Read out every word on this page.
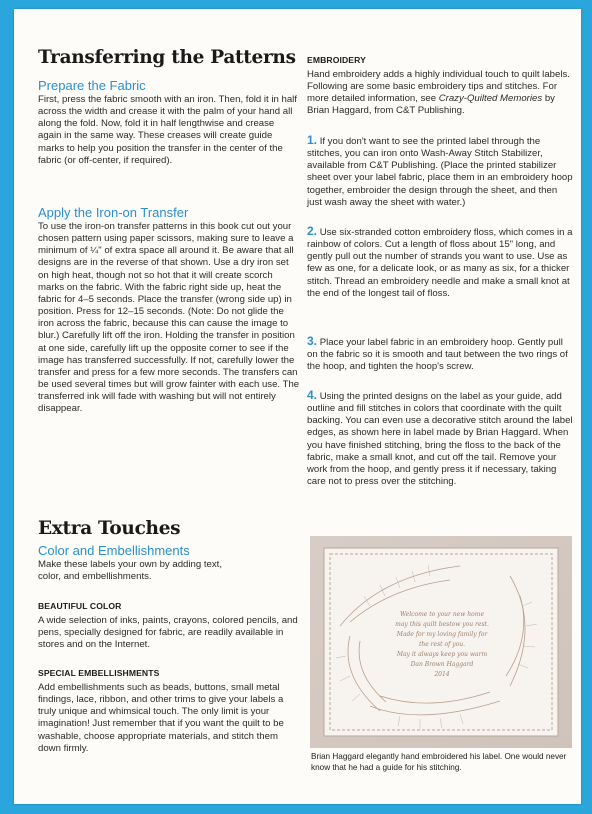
Transferring the Patterns
Prepare the Fabric

First, press the fabric smooth with an iron. Then, fold it in half across the width and crease it with the palm of your hand all along the fold. Now, fold it in half lengthwise and crease again in the same way. These creases will create guide marks to help you position the transfer in the center of the fabric (or off-center, if required).

Apply the Iron-on Transfer

To use the iron-on transfer patterns in this book cut out your chosen pattern using paper scissors, making sure to leave a minimum of ¼" of extra space all around it. Be aware that all designs are in the reverse of that shown. Use a dry iron set on high heat, though not so hot that it will create scorch marks on the fabric. With the fabric right side up, heat the fabric for 4–5 seconds. Place the transfer (wrong side up) in position. Press for 12–15 seconds. (Note: Do not glide the iron across the fabric, because this can cause the image to blur.) Carefully lift off the iron. Holding the transfer in position at one side, carefully lift up the opposite corner to see if the image has transferred successfully. If not, carefully lower the transfer and press for a few more seconds. The transfers can be used several times but will grow fainter with each use. The transferred ink will fade with washing but will not entirely disappear.

Extra Touches
Color and Embellishments

Make these labels your own by adding text, color, and embellishments.

BEAUTIFUL COLOR

A wide selection of inks, paints, crayons, colored pencils, and pens, specially designed for fabric, are readily available in stores and on the Internet.

SPECIAL EMBELLISHMENTS

Add embellishments such as beads, buttons, small metal findings, lace, ribbon, and other trims to give your labels a truly unique and whimsical touch. The only limit is your imagination! Just remember that if you want the quilt to be washable, choose appropriate materials, and stitch them down firmly.

EMBROIDERY

Hand embroidery adds a highly individual touch to quilt labels. Following are some basic embroidery tips and stitches. For more detailed information, see Crazy-Quilted Memories by Brian Haggard, from C&T Publishing.

1. If you don't want to see the printed label through the stitches, you can iron onto Wash-Away Stitch Stabilizer, available from C&T Publishing. (Place the printed stabilizer sheet over your label fabric, place them in an embroidery hoop together, embroider the design through the sheet, and then just wash away the sheet with water.)

2. Use six-stranded cotton embroidery floss, which comes in a rainbow of colors. Cut a length of floss about 15" long, and gently pull out the number of strands you want to use. Use as few as one, for a delicate look, or as many as six, for a thicker stitch. Thread an embroidery needle and make a small knot at the end of the longest tail of floss.

3. Place your label fabric in an embroidery hoop. Gently pull on the fabric so it is smooth and taut between the two rings of the hoop, and tighten the hoop's screw.

4. Using the printed designs on the label as your guide, add outline and fill stitches in colors that coordinate with the quilt backing. You can even use a decorative stitch around the label edges, as shown here in label made by Brian Haggard. When you have finished stitching, bring the floss to the back of the fabric, make a small knot, and cut off the tail. Remove your work from the hoop, and gently press it if necessary, taking care not to press over the stitching.

Welcome to your new home
may this quilt bestow you rest.
Made for my loving family for
the rest of you.
May it always keep you warm
Dan Brown Haggard
2014
Brian Haggard elegantly hand embroidered his label. One would never know that he had a guide for his stitching.
